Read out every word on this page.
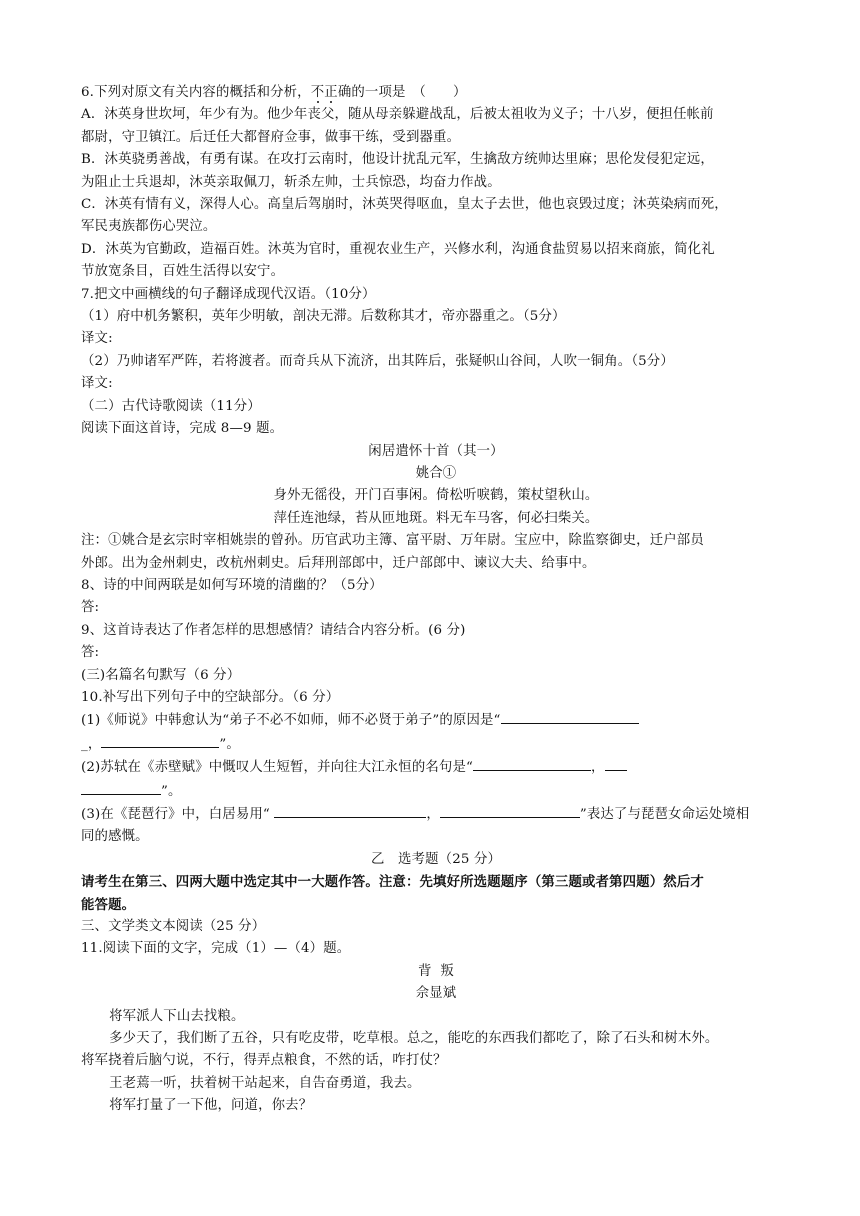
6.下列对原文有关内容的概括和分析，不正确的一项是　（　　）
A．沐英身世坎坷，年少有为。他少年丧父，随从母亲躲避战乱，后被太祖收为义子；十八岁，便担任帐前
都尉，守卫镇江。后迁任大都督府佥事，做事干练，受到器重。
B．沐英骁勇善战，有勇有谋。在攻打云南时，他设计扰乱元军，生擒敌方统帅达里麻；思伦发侵犯定远，
为阻止士兵退却，沐英亲取佩刀，斩杀左帅，士兵惊恐，均奋力作战。
C．沐英有情有义，深得人心。高皇后驾崩时，沐英哭得呕血，皇太子去世，他也哀毁过度；沐英染病而死，
军民夷族都伤心哭泣。
D．沐英为官勤政，造福百姓。沐英为官时，重视农业生产，兴修水利，沟通食盐贸易以招来商旅，简化礼
节放宽条目，百姓生活得以安宁。
7.把文中画横线的句子翻译成现代汉语。（10分）
（1）府中机务繁积，英年少明敏，剖决无滞。后数称其才，帝亦器重之。（5分）
译文:
（2）乃帅诸军严阵，若将渡者。而奇兵从下流济，出其阵后，张疑帜山谷间，人吹一铜角。（5分）
译文:
（二）古代诗歌阅读（11分）
阅读下面这首诗，完成 8—9 题。
闲居遣怀十首（其一）
姚合①
身外无徭役，开门百事闲。倚松听唳鹤，策杖望秋山。
萍任连池绿，苔从匝地斑。料无车马客，何必扫柴关。
注：①姚合是玄宗时宰相姚崇的曾孙。历官武功主簿、富平尉、万年尉。宝应中，除监察御史，迁户部员
外郎。出为金州刺史，改杭州刺史。后拜刑部郎中，迁户部郎中、谏议大夫、给事中。
8、诗的中间两联是如何写环境的清幽的？（5分）
答:
9、这首诗表达了作者怎样的思想感情？请结合内容分析。(6 分)
答:
(三)名篇名句默写（6 分）
10.补写出下列句子中的空缺部分。（6 分）
(1)《师说》中韩愈认为“弟子不必不如师，师不必贤于弟子”的原因是“
_，	”。
(2)苏轼在《赤壁赋》中慨叹人生短暂，并向往大江永恒的名句是“	，
”。
(3)在《琵琶行》中，白居易用“	，	”表达了与琵琶女命运处境相
同的感慨。
乙　选考题（25 分）
请考生在第三、四两大题中选定其中一大题作答。注意：先填好所选题题序（第三题或者第四题）然后才
能答题。
三、文学类文本阅读（25 分）
11.阅读下面的文字，完成（1）—（4）题。
背  叛
佘显斌
将军派人下山去找粮。
多少天了，我们断了五谷，只有吃皮带，吃草根。总之，能吃的东西我们都吃了，除了石头和树木外。
将军挠着后脑勺说，不行，得弄点粮食，不然的话，咋打仗？
王老蔫一听，扶着树干站起来，自告奋勇道，我去。
将军打量了一下他，问道，你去？
